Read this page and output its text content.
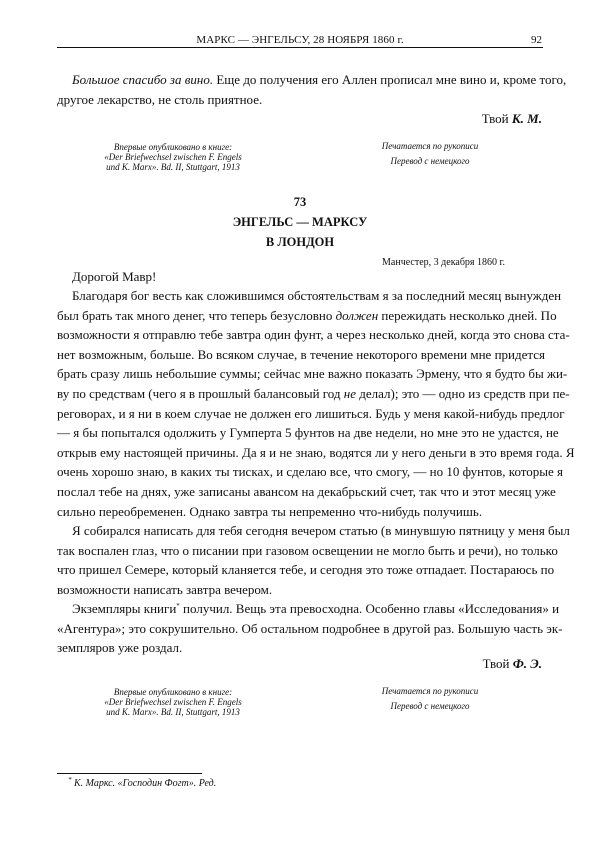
МАРКС — ЭНГЕЛЬСУ, 28 НОЯБРЯ 1860 г.	92
Большое спасибо за вино. Еще до получения его Аллен прописал мне вино и, кроме того,
другое лекарство, не столь приятное.
Твой К. М.
Впервые опубликовано в книге:
«Der Briefwechsel zwischen F. Engels
und K. Marx». Bd. II, Stuttgart, 1913
Печатается по рукописи
Перевод с немецкого
73
ЭНГЕЛЬС — МАРКСУ
В ЛОНДОН
Манчестер, 3 декабря 1860 г.
Дорогой Мавр!
Благодаря бог весть как сложившимся обстоятельствам я за последний месяц вынужден
был брать так много денег, что теперь безусловно должен пережидать несколько дней. По
возможности я отправлю тебе завтра один фунт, а через несколько дней, когда это снова ста-
нет возможным, больше. Во всяком случае, в течение некоторого времени мне придется
брать сразу лишь небольшие суммы; сейчас мне важно показать Эрмену, что я будто бы жи-
ву по средствам (чего я в прошлый балансовый год не делал); это — одно из средств при пе-
реговорах, и я ни в коем случае не должен его лишиться. Будь у меня какой-нибудь предлог
— я бы попытался одолжить у Гумперта 5 фунтов на две недели, но мне это не удастся, не
открыв ему настоящей причины. Да я и не знаю, водятся ли у него деньги в это время года. Я
очень хорошо знаю, в каких ты тисках, и сделаю все, что смогу, — но 10 фунтов, которые я
послал тебе на днях, уже записаны авансом на декабрьский счет, так что и этот месяц уже
сильно переобременен. Однако завтра ты непременно что-нибудь получишь.
Я собирался написать для тебя сегодня вечером статью (в минувшую пятницу у меня был
так воспален глаз, что о писании при газовом освещении не могло быть и речи), но только
что пришел Семере, который кланяется тебе, и сегодня это тоже отпадает. Постараюсь по
возможности написать завтра вечером.
Экземпляры книги* получил. Вещь эта превосходна. Особенно главы «Исследования» и
«Агентура»; это сокрушительно. Об остальном подробнее в другой раз. Большую часть эк-
земпляров уже роздал.
Твой Ф. Э.
Впервые опубликовано в книге:
«Der Briefwechsel zwischen F. Engels
und K. Marx». Bd. II, Stuttgart, 1913
Печатается по рукописи
Перевод с немецкого
* К. Маркс. «Господин Фогт». Ред.
